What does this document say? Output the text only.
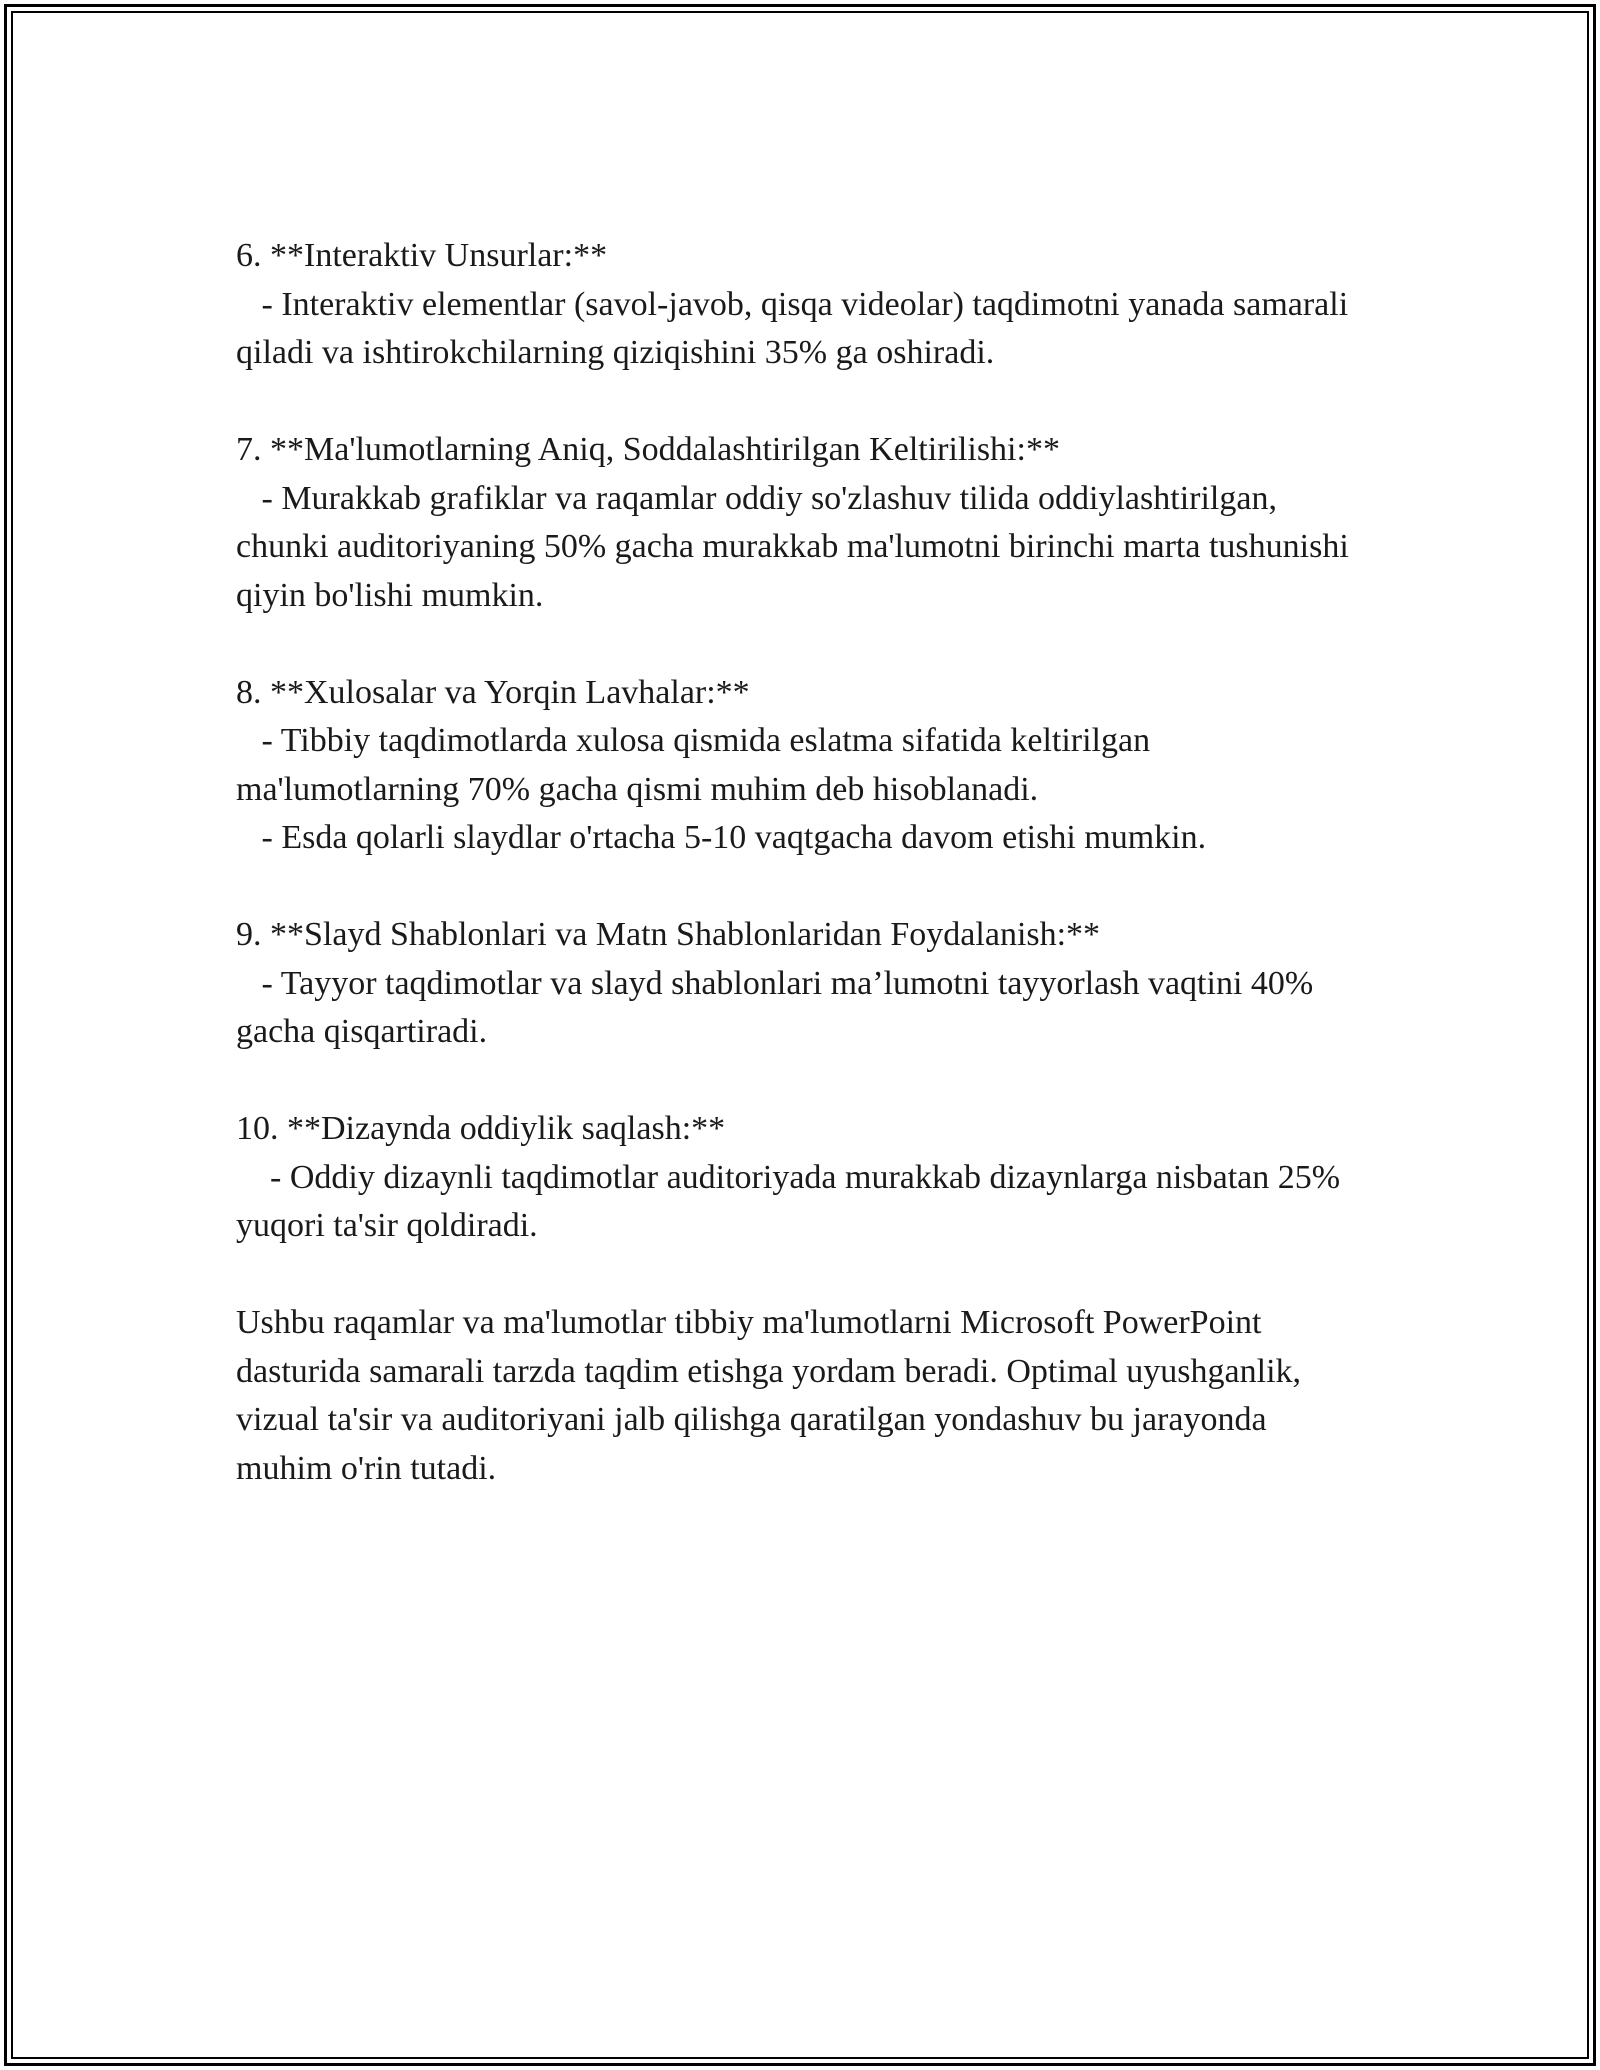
6. **Interaktiv Unsurlar:**
- Interaktiv elementlar (savol-javob, qisqa videolar) taqdimotni yanada samarali qiladi va ishtirokchilarning qiziqishini 35% ga oshiradi.
7. **Ma'lumotlarning Aniq, Soddalashtirilgan Keltirilishi:**
- Murakkab grafiklar va raqamlar oddiy so'zlashuv tilida oddiylashtirilgan, chunki auditoriyaning 50% gacha murakkab ma'lumotni birinchi marta tushunishi qiyin bo'lishi mumkin.
8. **Xulosalar va Yorqin Lavhalar:**
- Tibbiy taqdimotlarda xulosa qismida eslatma sifatida keltirilgan ma'lumotlarning 70% gacha qismi muhim deb hisoblanadi.
- Esda qolarli slaydlar o'rtacha 5-10 vaqtgacha davom etishi mumkin.
9. **Slayd Shablonlari va Matn Shablonlaridan Foydalanish:**
- Tayyor taqdimotlar va slayd shablonlari ma’lumotni tayyorlash vaqtini 40% gacha qisqartiradi.
10. **Dizaynda oddiylik saqlash:**
- Oddiy dizaynli taqdimotlar auditoriyada murakkab dizaynlarga nisbatan 25% yuqori ta'sir qoldiradi.

Ushbu raqamlar va ma'lumotlar tibbiy ma'lumotlarni Microsoft PowerPoint dasturida samarali tarzda taqdim etishga yordam beradi. Optimal uyushganlik, vizual ta'sir va auditoriyani jalb qilishga qaratilgan yondashuv bu jarayonda muhim o'rin tutadi.
